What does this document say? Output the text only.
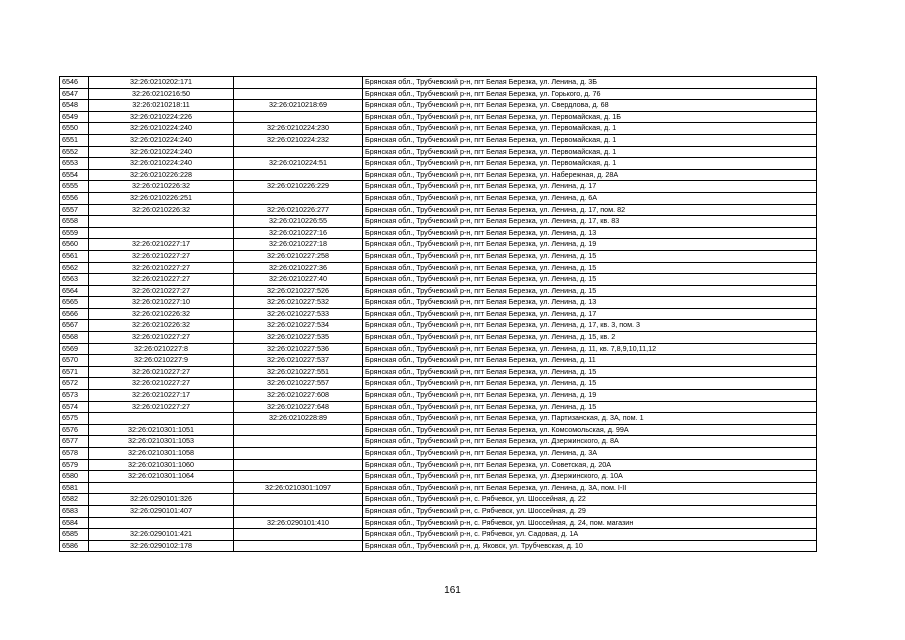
6546	32:26:0210202:171		Брянская обл., Трубчевский р-н, пгт Белая Березка, ул. Ленина, д. 3Б
6547	32:26:0210216:50		Брянская обл., Трубчевский р-н, пгт Белая Березка, ул. Горького, д. 76
6548	32:26:0210218:11	32:26:0210218:69	Брянская обл., Трубчевский р-н, пгт Белая Березка, ул. Свердлова, д. 68
6549	32:26:0210224:226		Брянская обл., Трубчевский р-н, пгт Белая Березка, ул. Первомайская, д. 1Б
6550	32:26:0210224:240	32:26:0210224:230	Брянская обл., Трубчевский р-н, пгт Белая Березка, ул. Первомайская, д. 1
6551	32:26:0210224:240	32:26:0210224:232	Брянская обл., Трубчевский р-н, пгт Белая Березка, ул. Первомайская, д. 1
6552	32:26:0210224:240		Брянская обл., Трубчевский р-н, пгт Белая Березка, ул. Первомайская, д. 1
6553	32:26:0210224:240	32:26:0210224:51	Брянская обл., Трубчевский р-н, пгт Белая Березка, ул. Первомайская, д. 1
6554	32:26:0210226:228		Брянская обл., Трубчевский р-н, пгт Белая Березка, ул. Набережная, д. 28А
6555	32:26:0210226:32	32:26:0210226:229	Брянская обл., Трубчевский р-н, пгт Белая Березка, ул. Ленина, д. 17
6556	32:26:0210226:251		Брянская обл., Трубчевский р-н, пгт Белая Березка, ул. Ленина, д. 6А
6557	32:26:0210226:32	32:26:0210226:277	Брянская обл., Трубчевский р-н, пгт Белая Березка, ул. Ленина, д. 17, пом. 82
6558		32:26:0210226:55	Брянская обл., Трубчевский р-н, пгт Белая Березка, ул. Ленина, д. 17, кв. 83
6559		32:26:0210227:16	Брянская обл., Трубчевский р-н, пгт Белая Березка, ул. Ленина, д. 13
6560	32:26:0210227:17	32:26:0210227:18	Брянская обл., Трубчевский р-н, пгт Белая Березка, ул. Ленина, д. 19
6561	32:26:0210227:27	32:26:0210227:258	Брянская обл., Трубчевский р-н, пгт Белая Березка, ул. Ленина, д. 15
6562	32:26:0210227:27	32:26:0210227:36	Брянская обл., Трубчевский р-н, пгт Белая Березка, ул. Ленина, д. 15
6563	32:26:0210227:27	32:26:0210227:40	Брянская обл., Трубчевский р-н, пгт Белая Березка, ул. Ленина, д. 15
6564	32:26:0210227:27	32:26:0210227:526	Брянская обл., Трубчевский р-н, пгт Белая Березка, ул. Ленина, д. 15
6565	32:26:0210227:10	32:26:0210227:532	Брянская обл., Трубчевский р-н, пгт Белая Березка, ул. Ленина, д. 13
6566	32:26:0210226:32	32:26:0210227:533	Брянская обл., Трубчевский р-н, пгт Белая Березка, ул. Ленина, д. 17
6567	32:26:0210226:32	32:26:0210227:534	Брянская обл., Трубчевский р-н, пгт Белая Березка, ул. Ленина, д. 17, кв. 3, пом. 3
6568	32:26:0210227:27	32:26:0210227:535	Брянская обл., Трубчевский р-н, пгт Белая Березка, ул. Ленина, д. 15, кв. 2
6569	32:26:0210227:8	32:26:0210227:536	Брянская обл., Трубчевский р-н, пгт Белая Березка, ул. Ленина, д. 11, кв. 7,8,9,10,11,12
6570	32:26:0210227:9	32:26:0210227:537	Брянская обл., Трубчевский р-н, пгт Белая Березка, ул. Ленина, д. 11
6571	32:26:0210227:27	32:26:0210227:551	Брянская обл., Трубчевский р-н, пгт Белая Березка, ул. Ленина, д. 15
6572	32:26:0210227:27	32:26:0210227:557	Брянская обл., Трубчевский р-н, пгт Белая Березка, ул. Ленина, д. 15
6573	32:26:0210227:17	32:26:0210227:608	Брянская обл., Трубчевский р-н, пгт Белая Березка, ул. Ленина, д. 19
6574	32:26:0210227:27	32:26:0210227:648	Брянская обл., Трубчевский р-н, пгт Белая Березка, ул. Ленина, д. 15
6575		32:26:0210228:89	Брянская обл., Трубчевский р-н, пгт Белая Березка, ул. Партизанская, д. 3А, пом. 1
6576	32:26:0210301:1051		Брянская обл., Трубчевский р-н, пгт Белая Березка, ул. Комсомольская, д. 99А
6577	32:26:0210301:1053		Брянская обл., Трубчевский р-н, пгт Белая Березка, ул. Дзержинского, д. 8А
6578	32:26:0210301:1058		Брянская обл., Трубчевский р-н, пгт Белая Березка, ул. Ленина, д. 3А
6579	32:26:0210301:1060		Брянская обл., Трубчевский р-н, пгт Белая Березка, ул. Советская, д. 20А
6580	32:26:0210301:1064		Брянская обл., Трубчевский р-н, пгт Белая Березка, ул. Дзержинского, д. 10А
6581		32:26:0210301:1097	Брянская обл., Трубчевский р-н, пгт Белая Березка, ул. Ленина, д. 3А, пом. I-II
6582	32:26:0290101:326		Брянская обл., Трубчевский р-н, с. Рябчевск, ул. Шоссейная, д. 22
6583	32:26:0290101:407		Брянская обл., Трубчевский р-н, с. Рябчевск, ул. Шоссейная, д. 29
6584		32:26:0290101:410	Брянская обл., Трубчевский р-н, с. Рябчевск, ул. Шоссейная, д. 24, пом. магазин
6585	32:26:0290101:421		Брянская обл., Трубчевский р-н, с. Рябчевск, ул. Садовая, д. 1А
6586	32:26:0290102:178		Брянская обл., Трубчевский р-н, д. Яковск, ул. Трубчевская, д. 10
161
